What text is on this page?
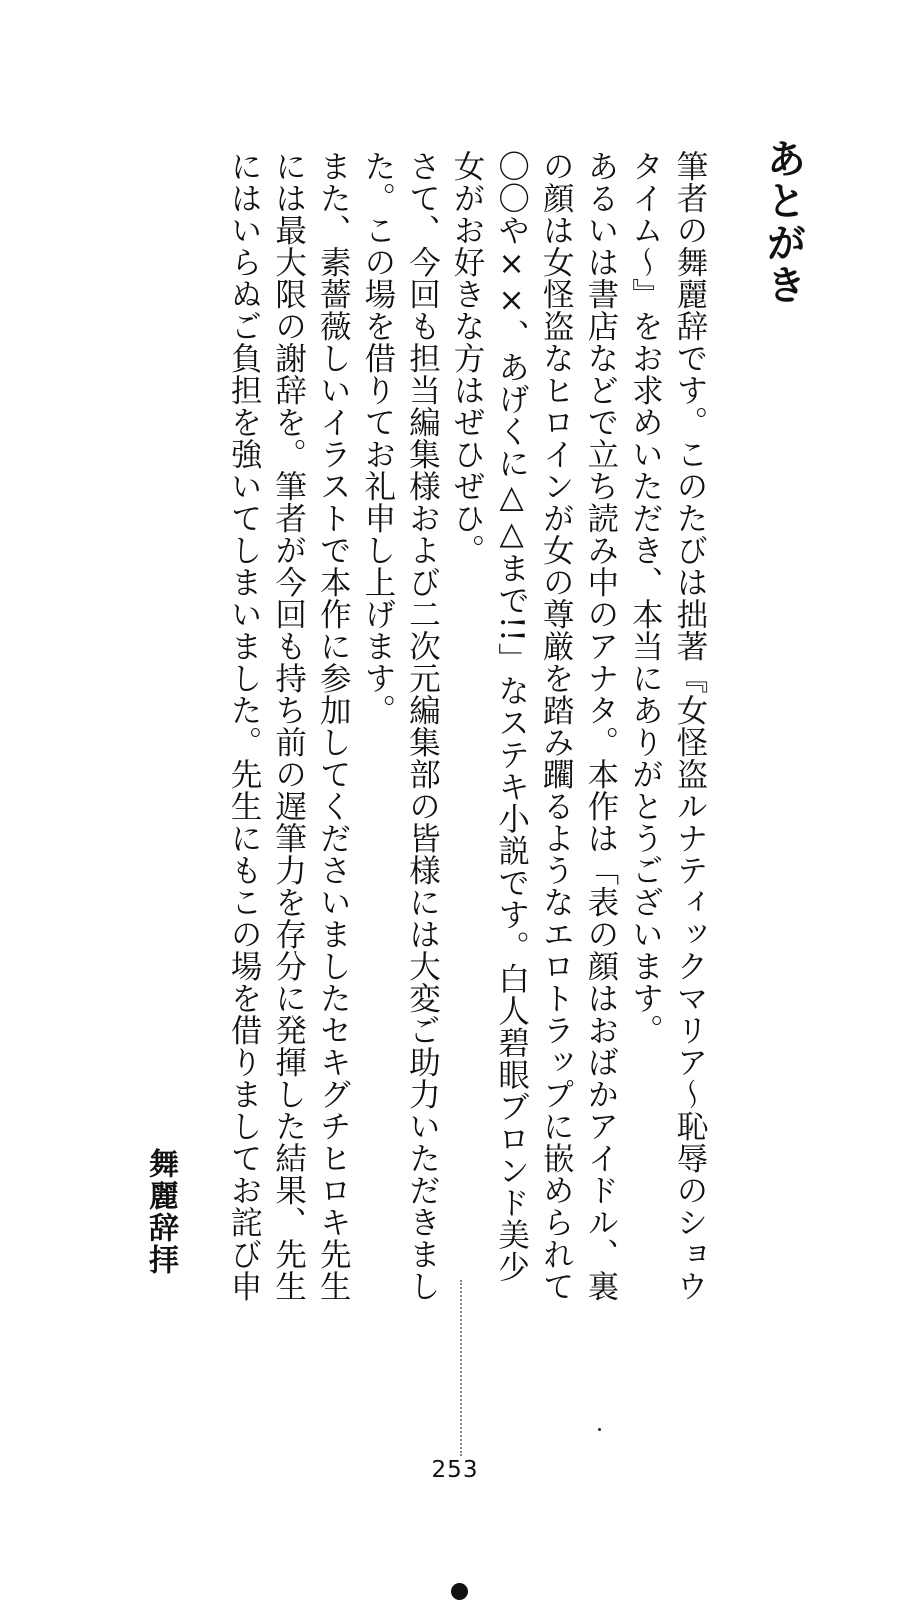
あとがき

筆者の舞麗辞です。このたびは拙著『女怪盗ルナティックマリア〜恥辱のショウタイム〜』をお求めいただき、本当にありがとうございます。

あるいは書店などで立ち読み中のアナタ。本作は「表の顔はおばかアイドル、裏の顔は女怪盗なヒロインが女の尊厳を踏み躙るようなエロトラップに嵌められて〇〇や××、あげくに△△まで!!」なステキ小説です。白人碧眼ブロンド美少女がお好きな方はぜひぜひ。

さて、今回も担当編集様および二次元編集部の皆様には大変ご助力いただきました。この場を借りてお礼申し上げます。

また、素薔薇しいイラストで本作に参加してくださいましたセキグチヒロキ先生には最大限の謝辞を。筆者が今回も持ち前の遅筆力を存分に発揮した結果、先生にはいらぬご負担を強いてしまいました。先生にもこの場を借りましてお詫び申

舞麗辞拝
253
